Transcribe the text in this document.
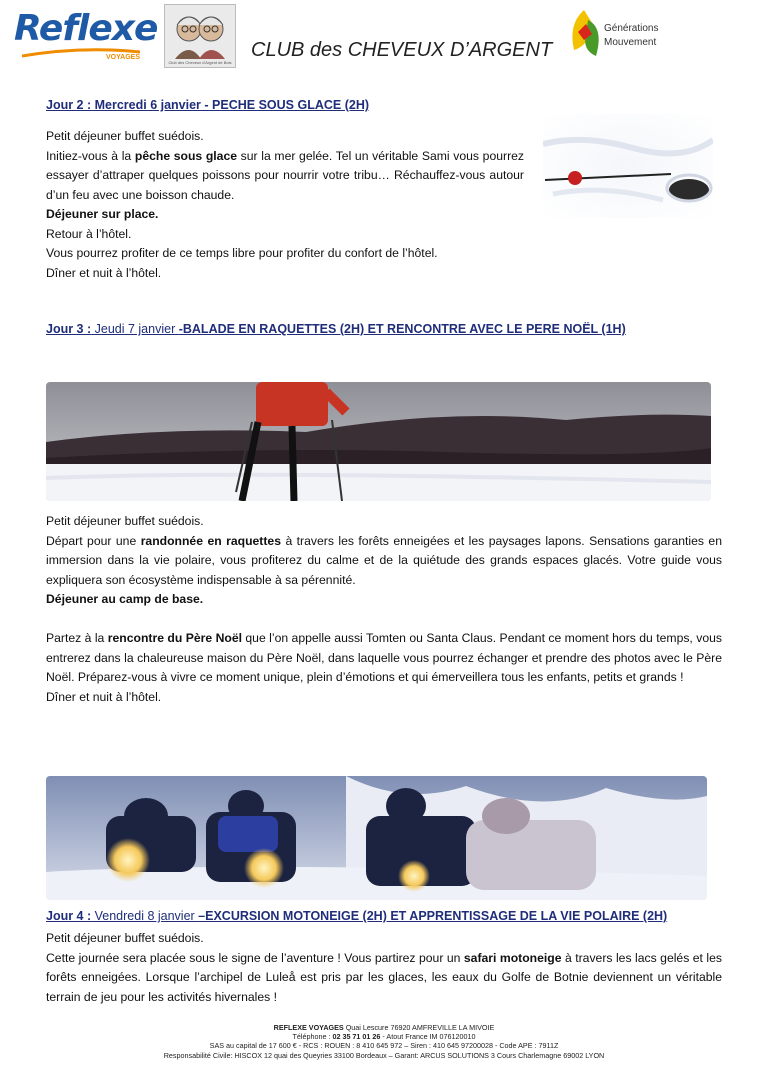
Reflexe
VOYAGES
Club des Cheveux d'Argent de Bois
CLUB des CHEVEUX D’ARGENT
Générations
Mouvement
Jour 2 : Mercredi 6 janvier - PECHE SOUS GLACE (2H)

Petit déjeuner buffet suédois.

Initiez-vous à la pêche sous glace sur la mer gelée. Tel un véritable Sami vous pourrez essayer d’attraper quelques poissons pour nourrir votre tribu… Réchauffez-vous autour d’un feu avec une boisson chaude.

Déjeuner sur place.

Retour à l’hôtel.

Vous pourrez profiter de ce temps libre pour profiter du confort de l’hôtel.

Dîner et nuit à l’hôtel.

Jour 3 : Jeudi 7 janvier -BALADE EN RAQUETTES (2H) ET RENCONTRE AVEC LE PERE NOËL (1H)

Petit déjeuner buffet suédois.

Départ pour une randonnée en raquettes à travers les forêts enneigées et les paysages lapons. Sensations garanties en immersion dans la vie polaire, vous profiterez du calme et de la quiétude des grands espaces glacés. Votre guide vous expliquera son écosystème indispensable à sa pérennité.

Déjeuner au camp de base.

Partez à la rencontre du Père Noël que l’on appelle aussi Tomten ou Santa Claus. Pendant ce moment hors du temps, vous entrerez dans la chaleureuse maison du Père Noël, dans laquelle vous pourrez échanger et prendre des photos avec le Père Noël. Préparez-vous à vivre ce moment unique, plein d’émotions et qui émerveillera tous les enfants, petits et grands !

Dîner et nuit à l’hôtel.

Jour 4 : Vendredi 8 janvier –EXCURSION MOTONEIGE (2H) ET APPRENTISSAGE DE LA VIE POLAIRE (2H)

Petit déjeuner buffet suédois.

Cette journée sera placée sous le signe de l’aventure ! Vous partirez pour un safari motoneige à travers les lacs gelés et les forêts enneigées. Lorsque l’archipel de Luleå est pris par les glaces, les eaux du Golfe de Botnie deviennent un véritable terrain de jeu pour les activités hivernales !

REFLEXE VOYAGES Quai Lescure 76920 AMFREVILLE LA MIVOIE
Téléphone : 02 35 71 01 26 - Atout France IM 076120010
SAS au capital de 17 600 € - RCS : ROUEN : 8 410 645 972 – Siren : 410 645 97200028 - Code APE : 7911Z
Responsabilité Civile: HISCOX 12 quai des Queyries 33100 Bordeaux – Garant: ARCUS SOLUTIONS 3 Cours Charlemagne 69002 LYON
